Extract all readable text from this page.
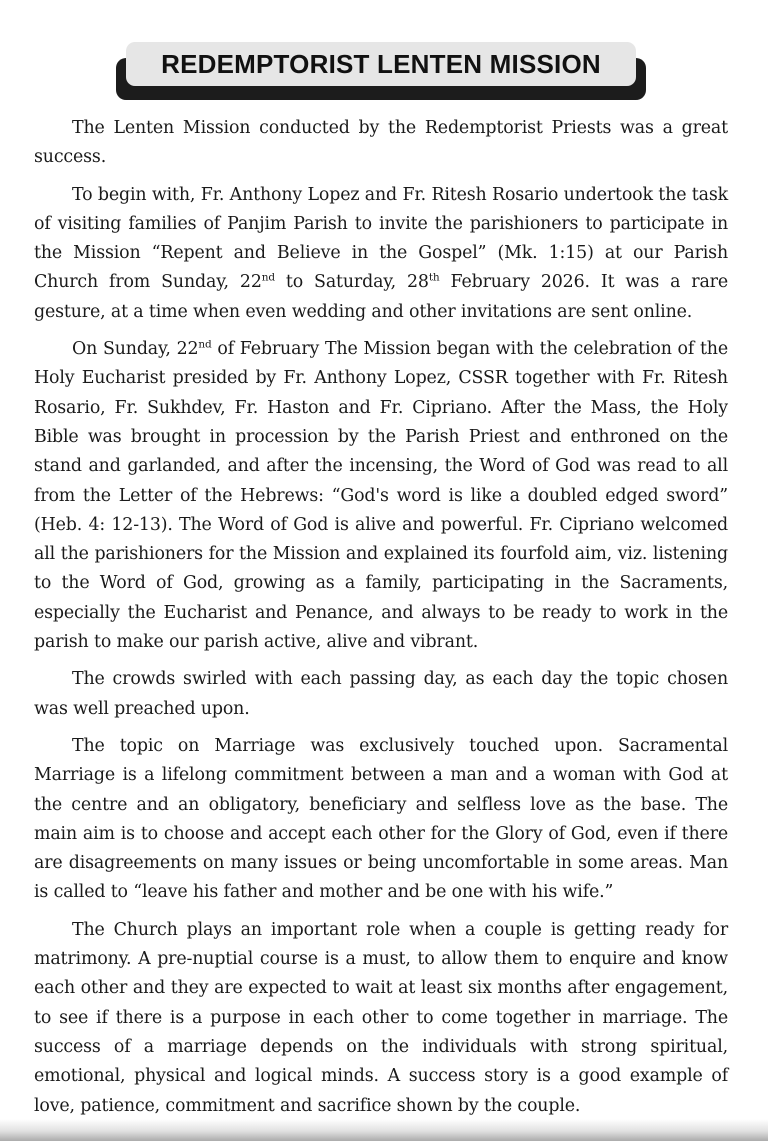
REDEMPTORIST LENTEN MISSION

The Lenten Mission conducted by the Redemptorist Priests was a great success.

To begin with, Fr. Anthony Lopez and Fr. Ritesh Rosario undertook the task of visiting families of Panjim Parish to invite the parishioners to participate in the Mission “Repent and Believe in the Gospel” (Mk. 1:15) at our Parish Church from Sunday, 22nd to Saturday, 28th February 2026. It was a rare gesture, at a time when even wedding and other invitations are sent online.

On Sunday, 22nd of February The Mission began with the celebration of the Holy Eucharist presided by Fr. Anthony Lopez, CSSR together with Fr. Ritesh Rosario, Fr. Sukhdev, Fr. Haston and Fr. Cipriano. After the Mass, the Holy Bible was brought in procession by the Parish Priest and enthroned on the stand and garlanded, and after the incensing, the Word of God was read to all from the Letter of the Hebrews: “God's word is like a doubled edged sword” (Heb. 4: 12-13). The Word of God is alive and powerful. Fr. Cipriano welcomed all the parishioners for the Mission and explained its fourfold aim, viz. listening to the Word of God, growing as a family, participating in the Sacraments, especially the Eucharist and Penance, and always to be ready to work in the parish to make our parish active, alive and vibrant.

The crowds swirled with each passing day, as each day the topic chosen was well preached upon.

The topic on Marriage was exclusively touched upon. Sacramental Marriage is a lifelong commitment between a man and a woman with God at the centre and an obligatory, beneficiary and selfless love as the base. The main aim is to choose and accept each other for the Glory of God, even if there are disagreements on many issues or being uncomfortable in some areas. Man is called to “leave his father and mother and be one with his wife.”

The Church plays an important role when a couple is getting ready for matrimony. A pre-nuptial course is a must, to allow them to enquire and know each other and they are expected to wait at least six months after engagement, to see if there is a purpose in each other to come together in marriage. The success of a marriage depends on the individuals with strong spiritual, emotional, physical and logical minds. A success story is a good example of love, patience, commitment and sacrifice shown by the couple.
